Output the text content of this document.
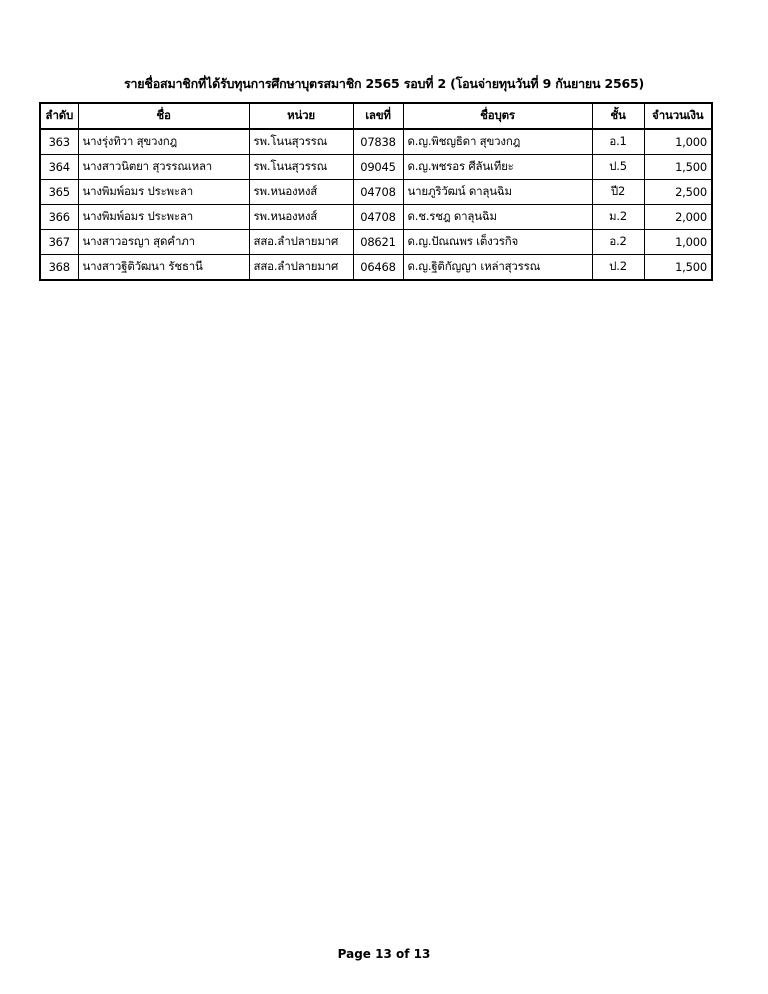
รายชื่อสมาชิกที่ได้รับทุนการศึกษาบุตรสมาชิก 2565 รอบที่ 2 (โอนจ่ายทุนวันที่ 9 กันยายน 2565)
ลำดับ	ชื่อ	หน่วย	เลขที่	ชื่อบุตร	ชั้น	จำนวนเงิน
363	นางรุ่งทิวา สุขวงกฎ	รพ.โนนสุวรรณ	07838	ด.ญ.พิชญธิดา สุขวงกฎ	อ.1	1,000
364	นางสาวนิตยา สุวรรณเหลา	รพ.โนนสุวรรณ	09045	ด.ญ.พชรอร ศีลันเทียะ	ป.5	1,500
365	นางพิมพ์อมร ประพะลา	รพ.หนองหงส์	04708	นายภูริวัฒน์ ดาลุนฉิม	ปี2	2,500
366	นางพิมพ์อมร ประพะลา	รพ.หนองหงส์	04708	ด.ช.รชฎ ดาลุนฉิม	ม.2	2,000
367	นางสาวอรญา สุดคำภา	สสอ.ลำปลายมาศ	08621	ด.ญ.ปัณณพร เต็งวรกิจ	อ.2	1,000
368	นางสาวฐิติวัฒนา รัชธานี	สสอ.ลำปลายมาศ	06468	ด.ญ.ฐิติกัญญา เหล่าสุวรรณ	ป.2	1,500
Page 13 of 13
